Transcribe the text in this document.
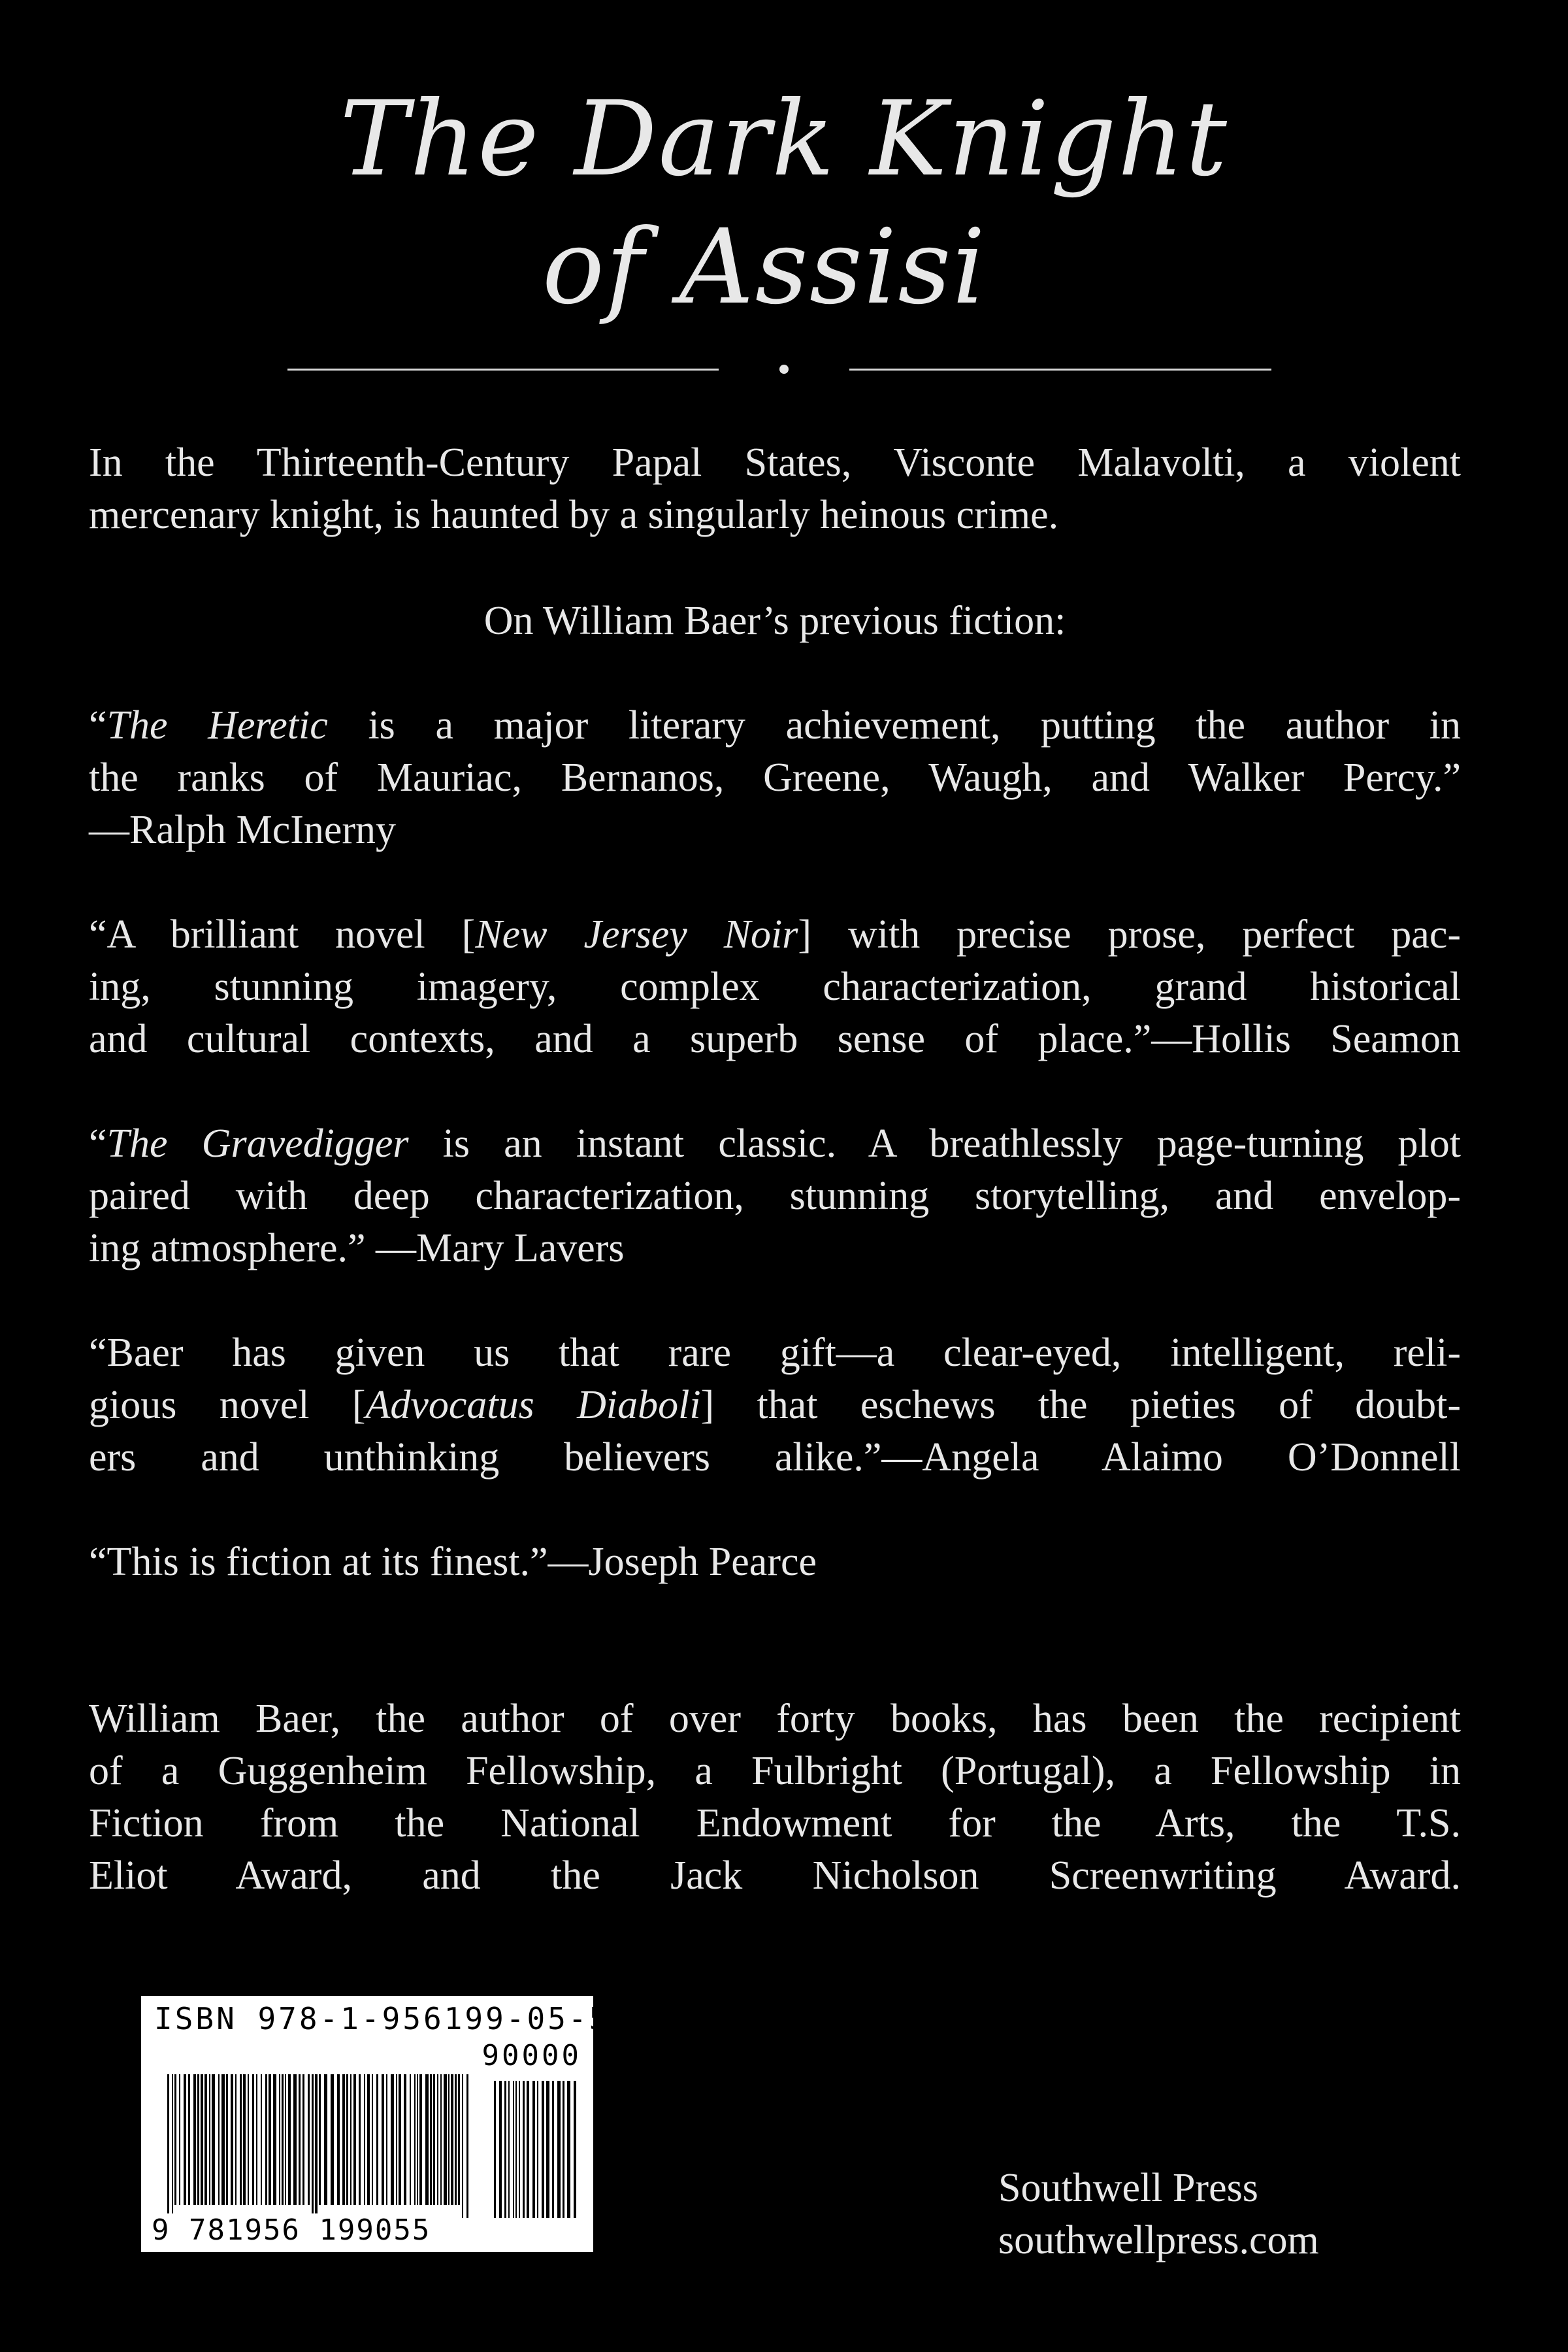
The Dark Knight
of Assisi
In the Thirteenth-Century Papal States, Visconte Malavolti, a violent
mercenary knight, is haunted by a singularly heinous crime.
On William Baer’s previous fiction:
“The Heretic is a major literary achievement, putting the author in
the ranks of Mauriac, Bernanos, Greene, Waugh, and Walker Percy.”
—Ralph McInerny
“A brilliant novel [New Jersey Noir] with precise prose, perfect pac-
ing, stunning imagery, complex characterization, grand historical
and cultural contexts, and a superb sense of place.”—Hollis Seamon
“The Gravedigger is an instant classic. A breathlessly page-turning plot
paired with deep characterization, stunning storytelling, and envelop-
ing atmosphere.” —Mary Lavers
“Baer has given us that rare gift—a clear-eyed, intelligent, reli-
gious novel [Advocatus Diaboli] that eschews the pieties of doubt-
ers and unthinking believers alike.”—Angela Alaimo O’Donnell
“This is fiction at its finest.”—Joseph Pearce
William Baer, the author of over forty books, has been the recipient
of a Guggenheim Fellowship, a Fulbright (Portugal), a Fellowship in
Fiction from the National Endowment for the Arts, the T.S.
Eliot Award, and the Jack Nicholson Screenwriting Award.
ISBN 978-1-956199-05-5
90000
9 781956 199055
Southwell Press
southwellpress.com
